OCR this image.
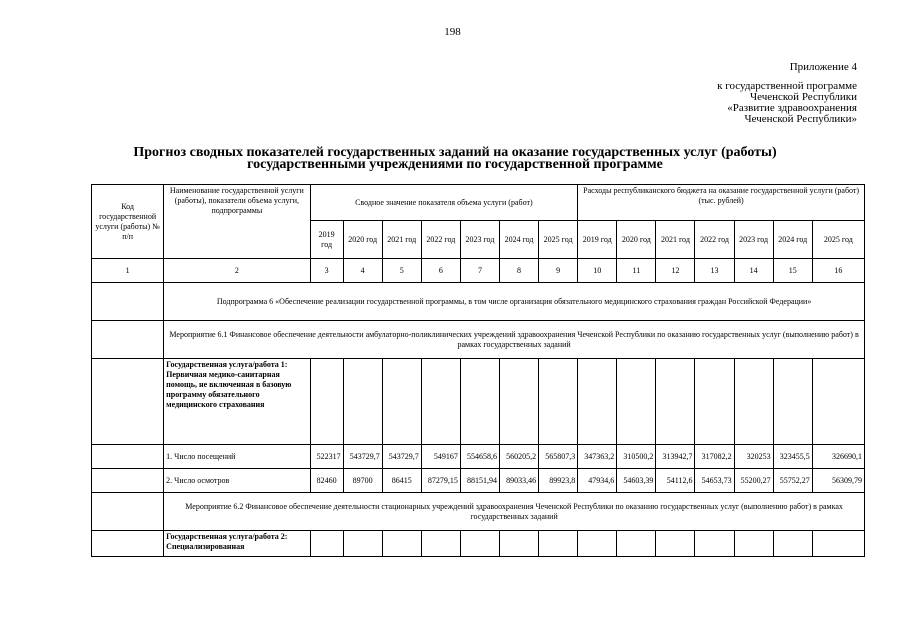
198
Приложение 4
к государственной программе
Чеченской Республики
«Развитие здравоохранения
Чеченской Республики»
Прогноз сводных показателей государственных заданий на оказание государственных услуг (работы)
государственными учреждениями по государственной программе
Код государственной услуги (работы) № п/п	Наименование государственной услуги (работы), показатели объема услуги, подпрограммы	Сводное значение показателя объема услуги (работ)							Расходы республиканского бюджета на оказание государственной услуги (работ) (тыс. рублей)						
		2019 год	2020 год	2021 год	2022 год	2023 год	2024 год	2025 год	2019 год	2020 год	2021 год	2022 год	2023 год	2024 год	2025 год
1	2	3	4	5	6	7	8	9	10	11	12	13	14	15	16
	Подпрограмма 6 «Обеспечение реализации государственной программы, в том числе организация обязательного медицинского страхования граждан Российской Федерации»														
	Мероприятие 6.1 Финансовое обеспечение деятельности амбулаторно-поликлинических учреждений здравоохранения Чеченской Республики по оказанию государственных услуг (выполнению работ) в рамках государственных заданий														
	Государственная услуга/работа 1: Первичная медико-санитарная помощь, не включенная в базовую программу обязательного медицинского страхования														
	1. Число посещений	522317	543729,7	543729,7	549167	554658,6	560205,2	565807,3	347363,2	310500,2	313942,7	317082,2	320253	323455,5	326690,1
	2. Число осмотров	82460	89700	86415	87279,15	88151,94	89033,46	89923,8	47934,6	54603,39	54112,6	54653,73	55200,27	55752,27	56309,79
	Мероприятие 6.2 Финансовое обеспечение деятельности стационарных учреждений здравоохранения Чеченской Республики по оказанию государственных услуг (выполнению работ) в рамках государственных заданий														
	Государственная услуга/работа 2: Специализированная														
